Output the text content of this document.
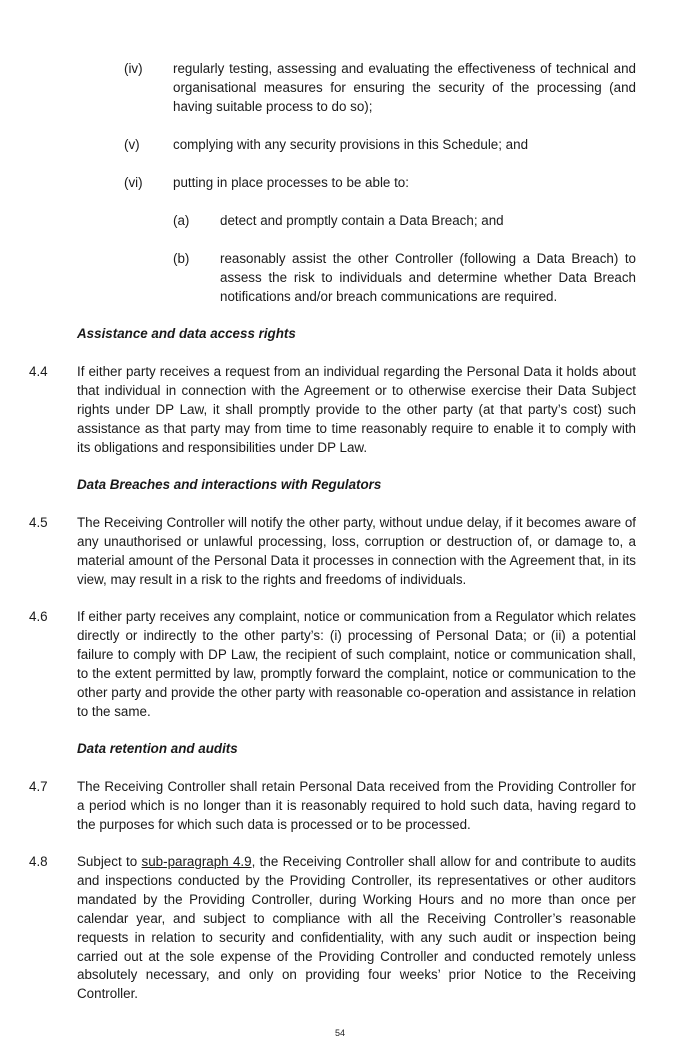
(iv) regularly testing, assessing and evaluating the effectiveness of technical and organisational measures for ensuring the security of the processing (and having suitable process to do so);

(v) complying with any security provisions in this Schedule; and

(vi) putting in place processes to be able to:

(a) detect and promptly contain a Data Breach; and

(b) reasonably assist the other Controller (following a Data Breach) to assess the risk to individuals and determine whether Data Breach notifications and/or breach communications are required.

Assistance and data access rights

4.4 If either party receives a request from an individual regarding the Personal Data it holds about that individual in connection with the Agreement or to otherwise exercise their Data Subject rights under DP Law, it shall promptly provide to the other party (at that party’s cost) such assistance as that party may from time to time reasonably require to enable it to comply with its obligations and responsibilities under DP Law.

Data Breaches and interactions with Regulators

4.5 The Receiving Controller will notify the other party, without undue delay, if it becomes aware of any unauthorised or unlawful processing, loss, corruption or destruction of, or damage to, a material amount of the Personal Data it processes in connection with the Agreement that, in its view, may result in a risk to the rights and freedoms of individuals.

4.6 If either party receives any complaint, notice or communication from a Regulator which relates directly or indirectly to the other party’s: (i) processing of Personal Data; or (ii) a potential failure to comply with DP Law, the recipient of such complaint, notice or communication shall, to the extent permitted by law, promptly forward the complaint, notice or communication to the other party and provide the other party with reasonable co-operation and assistance in relation to the same.

Data retention and audits

4.7 The Receiving Controller shall retain Personal Data received from the Providing Controller for a period which is no longer than it is reasonably required to hold such data, having regard to the purposes for which such data is processed or to be processed.

4.8 Subject to sub-paragraph 4.9, the Receiving Controller shall allow for and contribute to audits and inspections conducted by the Providing Controller, its representatives or other auditors mandated by the Providing Controller, during Working Hours and no more than once per calendar year, and subject to compliance with all the Receiving Controller’s reasonable requests in relation to security and confidentiality, with any such audit or inspection being carried out at the sole expense of the Providing Controller and conducted remotely unless absolutely necessary, and only on providing four weeks’ prior Notice to the Receiving Controller.

54
